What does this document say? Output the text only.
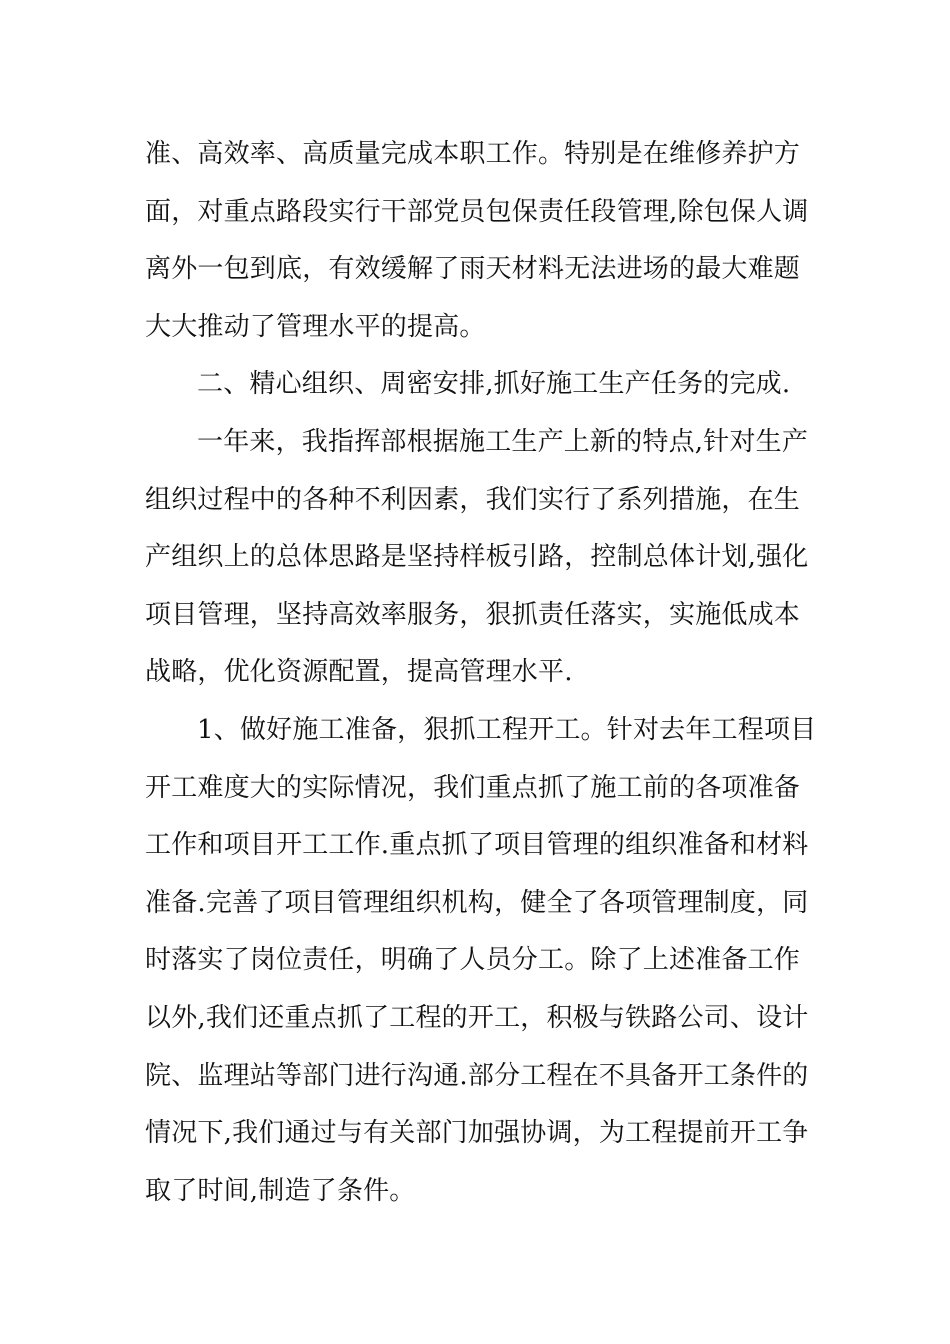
准、高效率、高质量完成本职工作。特别是在维修养护方
面，对重点路段实行干部党员包保责任段管理,除包保人调
离外一包到底，有效缓解了雨天材料无法进场的最大难题
大大推动了管理水平的提高。
二、精心组织、周密安排,抓好施工生产任务的完成.
一年来，我指挥部根据施工生产上新的特点,针对生产
组织过程中的各种不利因素，我们实行了系列措施，在生
产组织上的总体思路是坚持样板引路，控制总体计划,强化
项目管理，坚持高效率服务，狠抓责任落实，实施低成本
战略，优化资源配置，提高管理水平.
1、做好施工准备，狠抓工程开工。针对去年工程项目
开工难度大的实际情况，我们重点抓了施工前的各项准备
工作和项目开工工作.重点抓了项目管理的组织准备和材料
准备.完善了项目管理组织机构，健全了各项管理制度，同
时落实了岗位责任，明确了人员分工。除了上述准备工作
以外,我们还重点抓了工程的开工，积极与铁路公司、设计
院、监理站等部门进行沟通.部分工程在不具备开工条件的
情况下,我们通过与有关部门加强协调，为工程提前开工争
取了时间,制造了条件。
